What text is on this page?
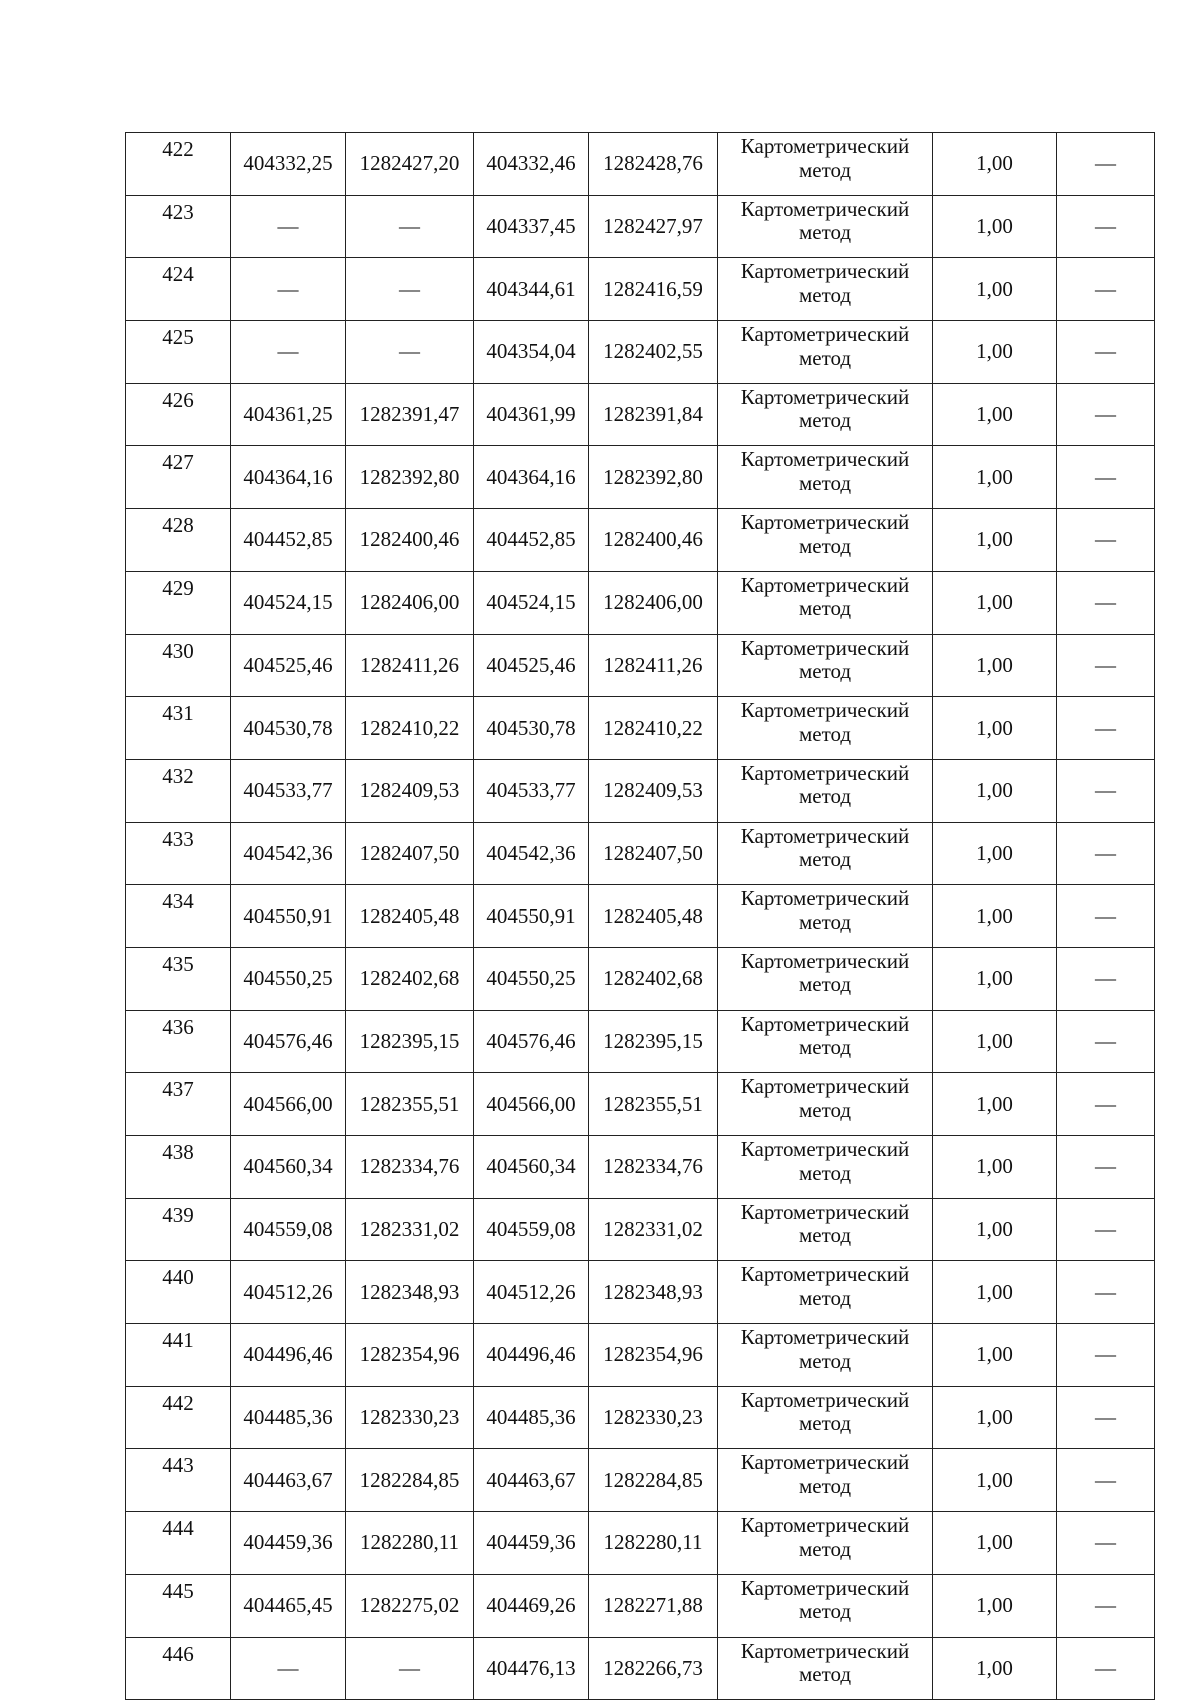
422	404332,25	1282427,20	404332,46	1282428,76	Картометрический метод	1,00	—
423	—	—	404337,45	1282427,97	Картометрический метод	1,00	—
424	—	—	404344,61	1282416,59	Картометрический метод	1,00	—
425	—	—	404354,04	1282402,55	Картометрический метод	1,00	—
426	404361,25	1282391,47	404361,99	1282391,84	Картометрический метод	1,00	—
427	404364,16	1282392,80	404364,16	1282392,80	Картометрический метод	1,00	—
428	404452,85	1282400,46	404452,85	1282400,46	Картометрический метод	1,00	—
429	404524,15	1282406,00	404524,15	1282406,00	Картометрический метод	1,00	—
430	404525,46	1282411,26	404525,46	1282411,26	Картометрический метод	1,00	—
431	404530,78	1282410,22	404530,78	1282410,22	Картометрический метод	1,00	—
432	404533,77	1282409,53	404533,77	1282409,53	Картометрический метод	1,00	—
433	404542,36	1282407,50	404542,36	1282407,50	Картометрический метод	1,00	—
434	404550,91	1282405,48	404550,91	1282405,48	Картометрический метод	1,00	—
435	404550,25	1282402,68	404550,25	1282402,68	Картометрический метод	1,00	—
436	404576,46	1282395,15	404576,46	1282395,15	Картометрический метод	1,00	—
437	404566,00	1282355,51	404566,00	1282355,51	Картометрический метод	1,00	—
438	404560,34	1282334,76	404560,34	1282334,76	Картометрический метод	1,00	—
439	404559,08	1282331,02	404559,08	1282331,02	Картометрический метод	1,00	—
440	404512,26	1282348,93	404512,26	1282348,93	Картометрический метод	1,00	—
441	404496,46	1282354,96	404496,46	1282354,96	Картометрический метод	1,00	—
442	404485,36	1282330,23	404485,36	1282330,23	Картометрический метод	1,00	—
443	404463,67	1282284,85	404463,67	1282284,85	Картометрический метод	1,00	—
444	404459,36	1282280,11	404459,36	1282280,11	Картометрический метод	1,00	—
445	404465,45	1282275,02	404469,26	1282271,88	Картометрический метод	1,00	—
446	—	—	404476,13	1282266,73	Картометрический метод	1,00	—
